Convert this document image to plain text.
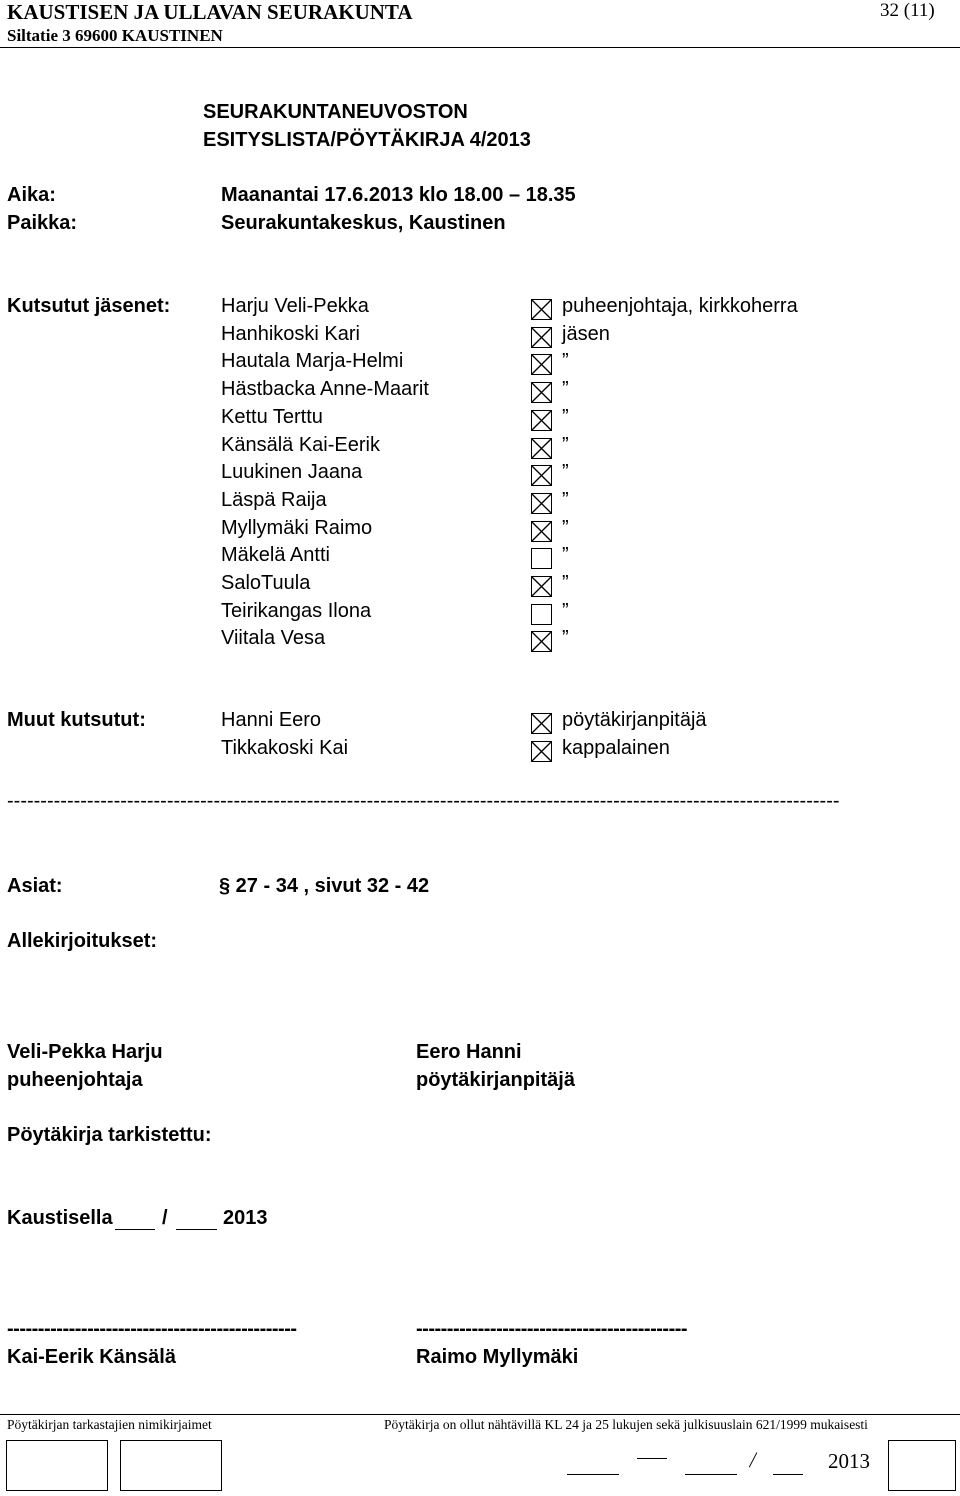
KAUSTISEN JA ULLAVAN SEURAKUNTA
Siltatie 3 69600 KAUSTINEN
32 (11)
SEURAKUNTANEUVOSTON
ESITYSLISTA/PÖYTÄKIRJA 4/2013
Aika:	Maanantai 17.6.2013 klo 18.00 – 18.35
Paikka:	Seurakuntakeskus, Kaustinen
Kutsutut jäsenet:	Harju Veli-Pekka	puheenjohtaja, kirkkoherra
Hanhikoski Kari	jäsen
Hautala Marja-Helmi	”
Hästbacka Anne-Maarit	”
Kettu Terttu	”
Känsälä Kai-Eerik	”
Luukinen Jaana	”
Läspä Raija	”
Myllymäki Raimo	”
Mäkelä Antti	”
SaloTuula	”
Teirikangas Ilona	”
Viitala Vesa	”
Muut kutsutut:	Hanni Eero	pöytäkirjanpitäjä
Tikkakoski Kai	kappalainen
-----------------------------------------------------------------------------------------------------------------------------
Asiat:	§ 27 - 34 , sivut 32 - 42
Allekirjoitukset:
Veli-Pekka Harju
puheenjohtaja
Eero Hanni
pöytäkirjanpitäjä
Pöytäkirja tarkistettu:
Kaustisella /	2013
-----------------------------------------------	--------------------------------------------
Kai-Eerik Känsälä	Raimo Myllymäki
Pöytäkirjan tarkastajien nimikirjaimet	Pöytäkirja on ollut nähtävillä KL 24 ja 25 lukujen sekä julkisuuslain 621/1999 mukaisesti
/	2013
